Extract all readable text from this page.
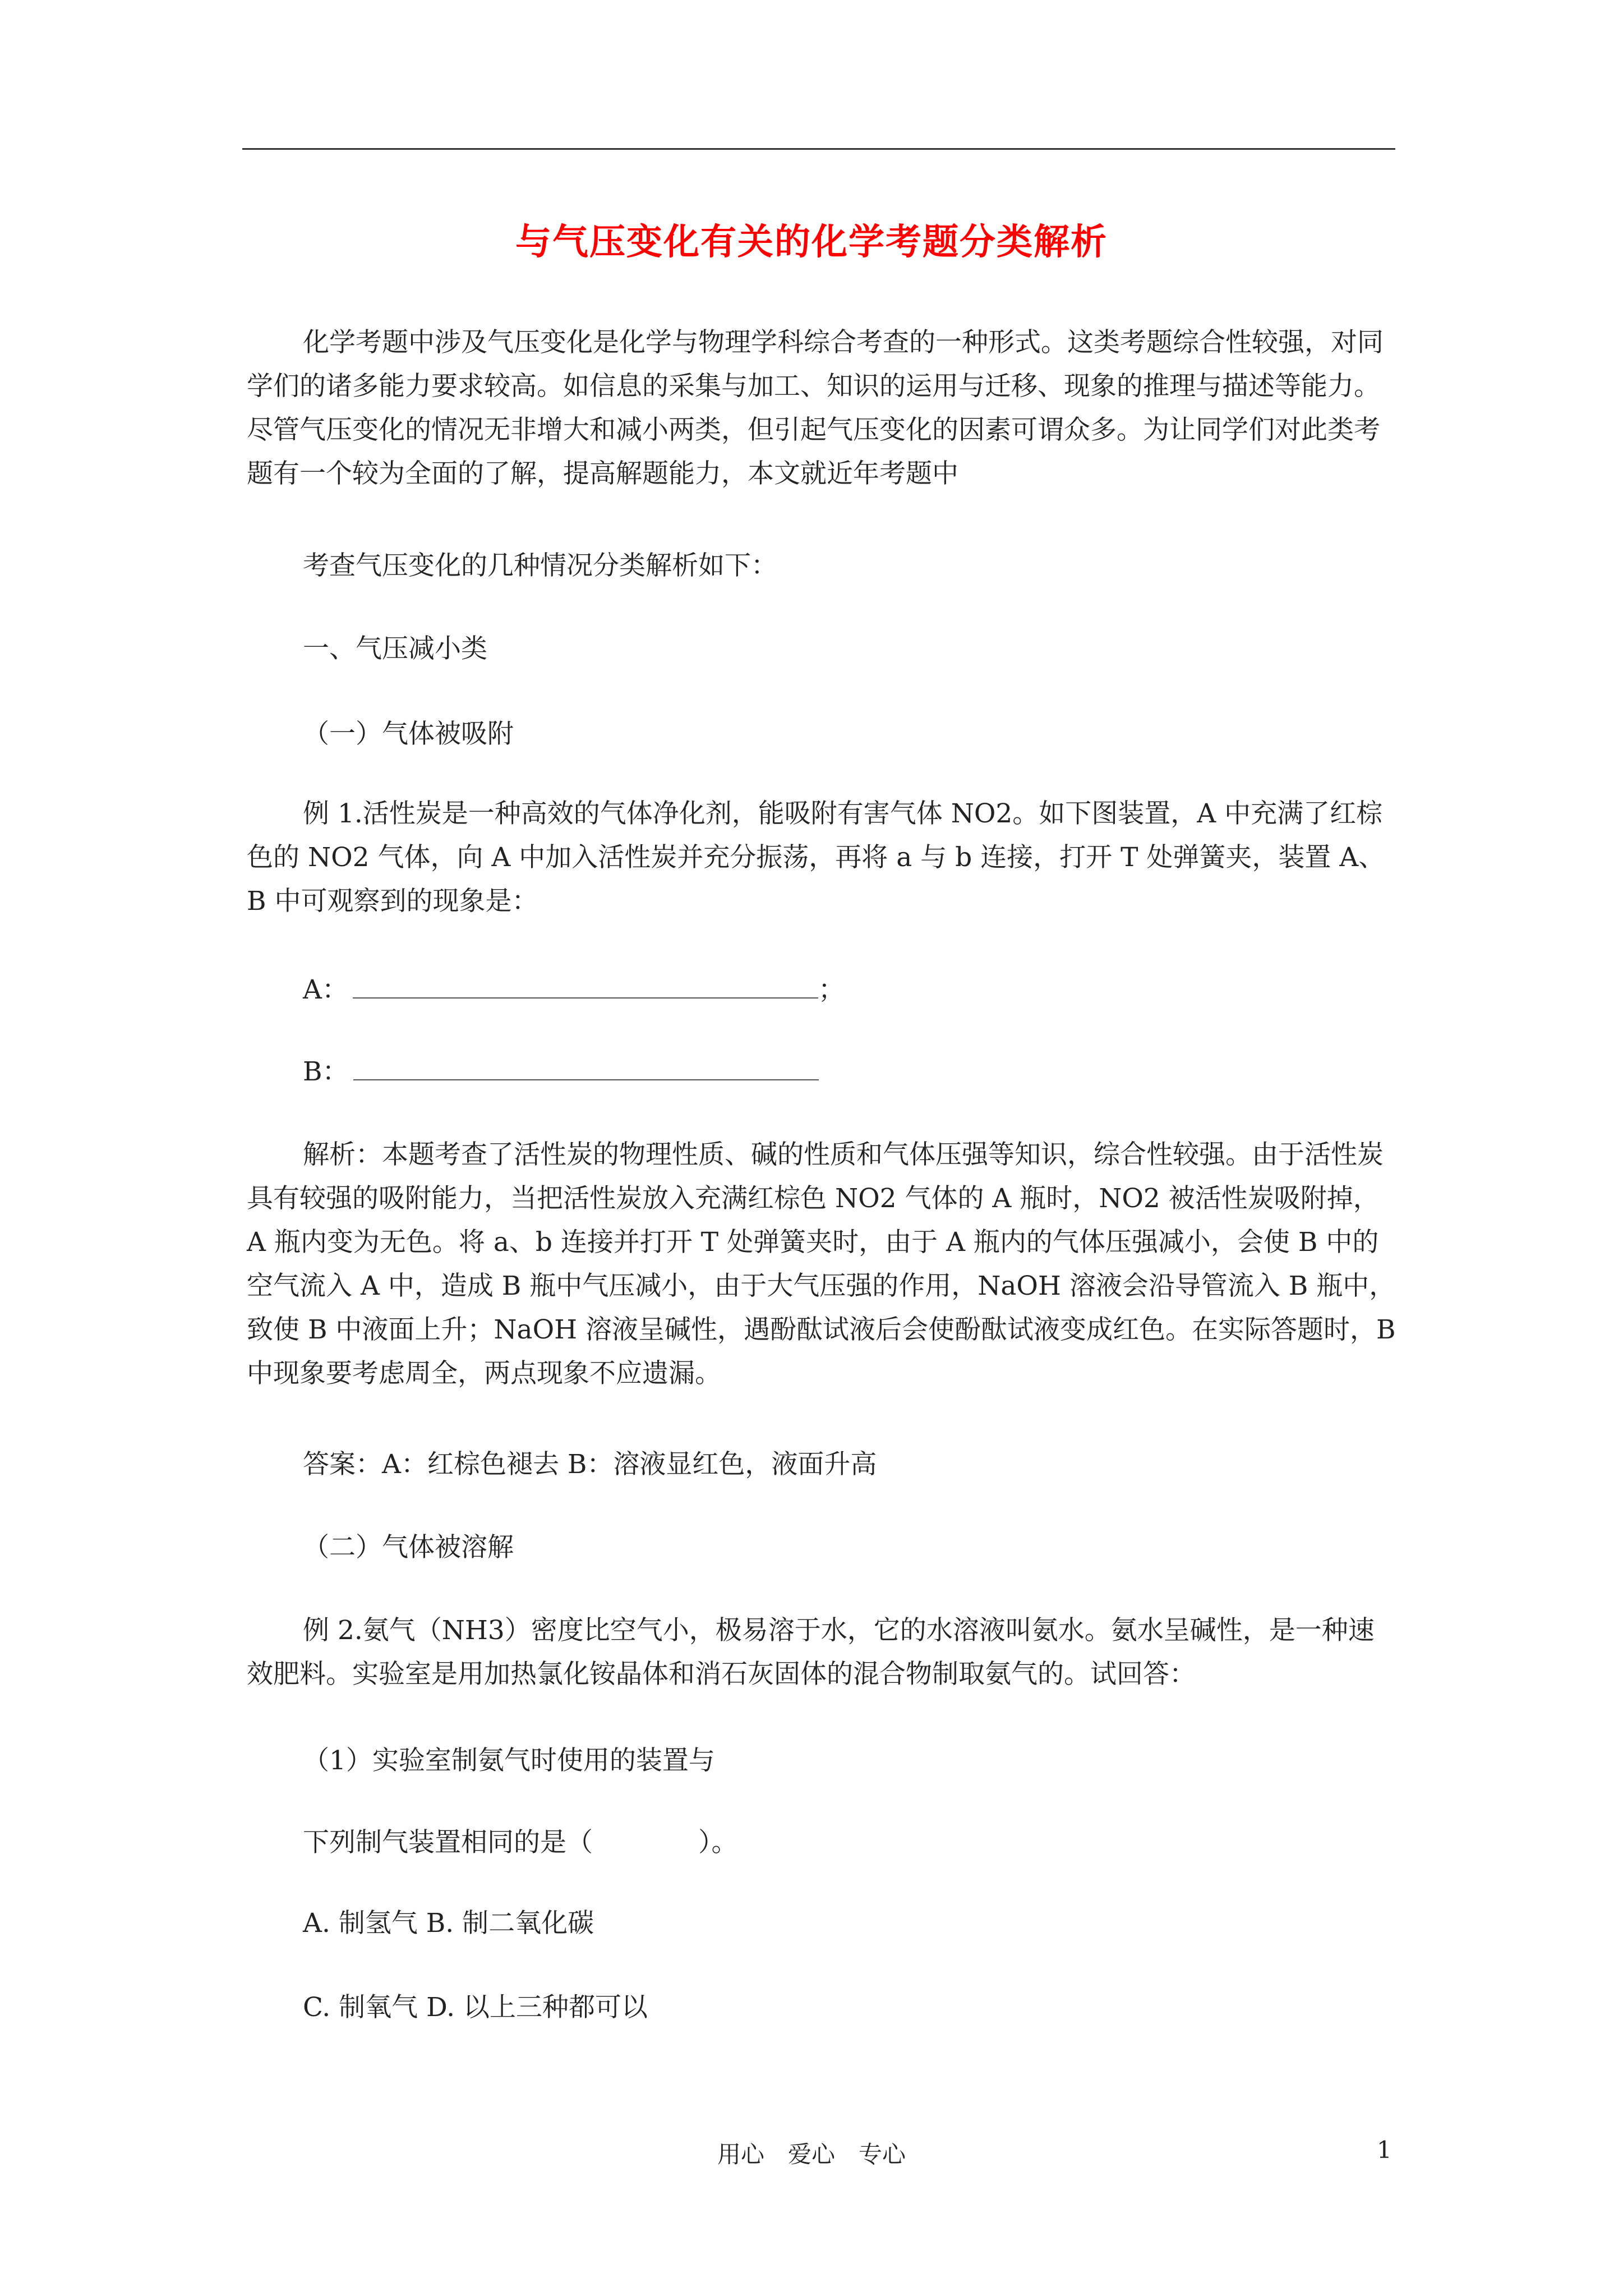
与气压变化有关的化学考题分类解析
化学考题中涉及气压变化是化学与物理学科综合考查的一种形式。这类考题综合性较强，对同学们的诸多能力要求较高。如信息的采集与加工、知识的运用与迁移、现象的推理与描述等能力。尽管气压变化的情况无非增大和减小两类，但引起气压变化的因素可谓众多。为让同学们对此类考题有一个较为全面的了解，提高解题能力，本文就近年考题中
考查气压变化的几种情况分类解析如下：
一、气压减小类
（一）气体被吸附
例 1.活性炭是一种高效的气体净化剂，能吸附有害气体 NO2。如下图装置，A 中充满了红棕色的 NO2 气体，向 A 中加入活性炭并充分振荡，再将 a 与 b 连接，打开 T 处弹簧夹，装置 A、B 中可观察到的现象是：
A：	；
B：
解析：本题考查了活性炭的物理性质、碱的性质和气体压强等知识，综合性较强。由于活性炭具有较强的吸附能力，当把活性炭放入充满红棕色 NO2 气体的 A 瓶时，NO2 被活性炭吸附掉，A 瓶内变为无色。将 a、b 连接并打开 T 处弹簧夹时，由于 A 瓶内的气体压强减小，会使 B 中的空气流入 A 中，造成 B 瓶中气压减小，由于大气压强的作用，NaOH 溶液会沿导管流入 B 瓶中，致使 B 中液面上升；NaOH 溶液呈碱性，遇酚酞试液后会使酚酞试液变成红色。在实际答题时，B 中现象要考虑周全，两点现象不应遗漏。
答案：A：红棕色褪去 B：溶液显红色，液面升高
（二）气体被溶解
例 2.氨气（NH3）密度比空气小，极易溶于水，它的水溶液叫氨水。氨水呈碱性，是一种速效肥料。实验室是用加热氯化铵晶体和消石灰固体的混合物制取氨气的。试回答：
（1）实验室制氨气时使用的装置与
下列制气装置相同的是（　　　　）。
A. 制氢气 B. 制二氧化碳
C. 制氧气 D. 以上三种都可以
用心　爱心　专心	1
